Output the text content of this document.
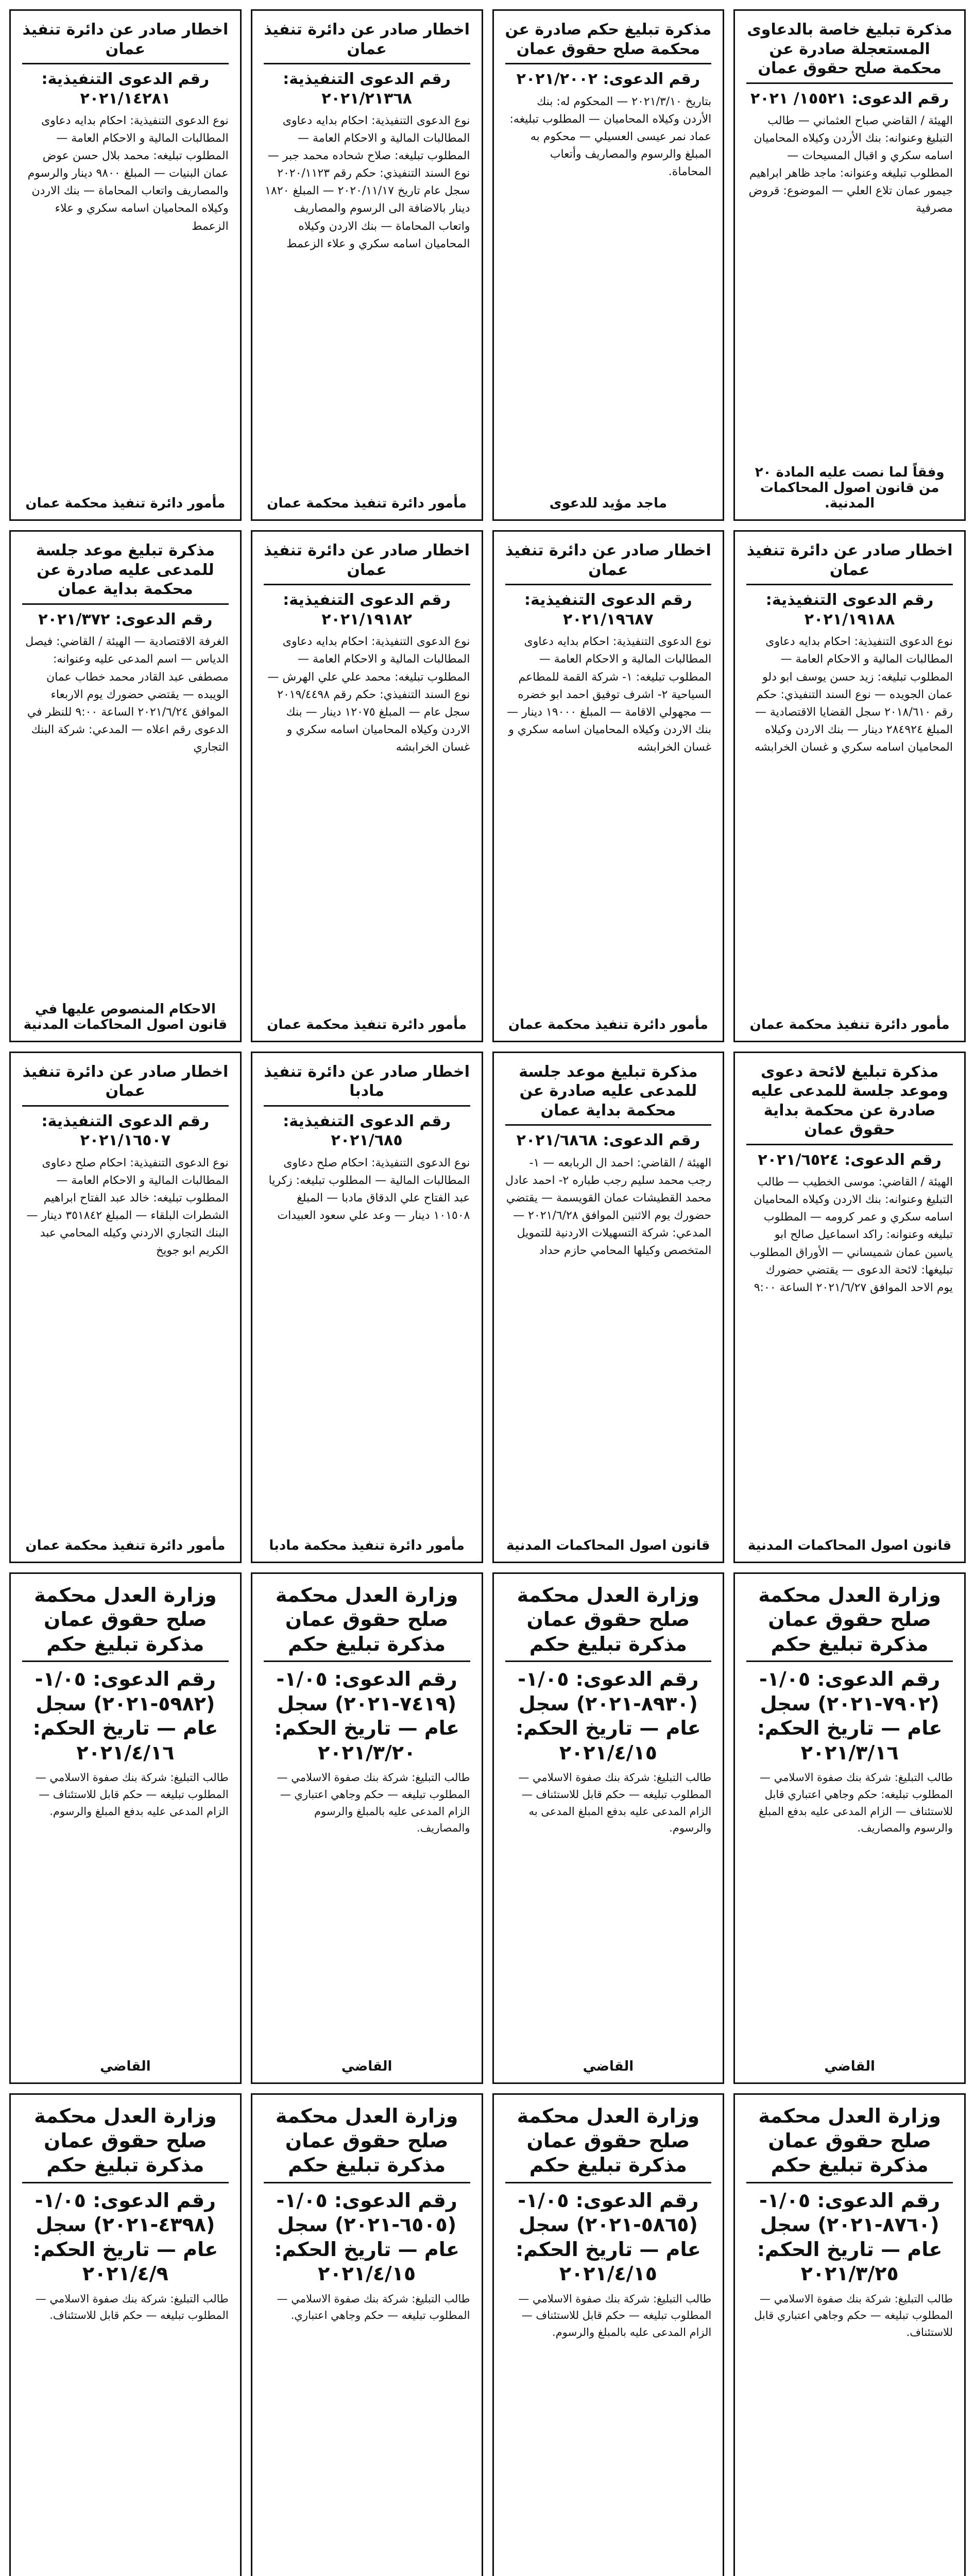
مذكرة تبليغ خاصة بالدعاوى المستعجلة صادرة عن محكمة صلح حقوق عمان
رقم الدعوى: ١٥٥٢١/ ٢٠٢١
الهيئة / القاضي صباح العثماني — طالب التبليغ وعنوانه: بنك الأردن وكيلاه المحاميان اسامه سكري و اقبال المسيحات — المطلوب تبليغه وعنوانه: ماجد ظاهر ابراهيم جيمور عمان تلاع العلي — الموضوع: قروض مصرفية
وفقاً لما نصت عليه المادة ٢٠ من قانون اصول المحاكمات المدنية.
مذكرة تبليغ حكم صادرة عن محكمة صلح حقوق عمان
رقم الدعوى: ٢٠٢١/٢٠٠٢
بتاريخ ٢٠٢١/٣/١٠ — المحكوم له: بنك الأردن وكيلاه المحاميان — المطلوب تبليغه: عماد نمر عيسى العسيلي — محكوم به المبلغ والرسوم والمصاريف وأتعاب المحاماة.
ماجد مؤيد للدعوى
اخطار صادر عن دائرة تنفيذ عمان
رقم الدعوى التنفيذية: ٢٠٢١/٢١٣٦٨
نوع الدعوى التنفيذية: احكام بدايه دعاوى المطالبات المالية و الاحكام العامة — المطلوب تبليغه: صلاح شحاده محمد جبر — نوع السند التنفيذي: حكم رقم ٢٠٢٠/١١٢٣ سجل عام تاريخ ٢٠٢٠/١١/١٧ — المبلغ ١٨٢٠ دينار بالاضافة الى الرسوم والمصاريف واتعاب المحاماة — بنك الاردن وكيلاه المحاميان اسامه سكري و علاء الزعمط
مأمور دائرة تنفيذ محكمة عمان
اخطار صادر عن دائرة تنفيذ عمان
رقم الدعوى التنفيذية: ٢٠٢١/١٤٢٨١
نوع الدعوى التنفيذية: احكام بدايه دعاوى المطالبات المالية و الاحكام العامة — المطلوب تبليغه: محمد بلال حسن عوض عمان البنيات — المبلغ ٩٨٠٠ دينار والرسوم والمصاريف واتعاب المحاماة — بنك الاردن وكيلاه المحاميان اسامه سكري و علاء الزعمط
مأمور دائرة تنفيذ محكمة عمان
اخطار صادر عن دائرة تنفيذ عمان
رقم الدعوى التنفيذية: ٢٠٢١/١٩١٨٨
نوع الدعوى التنفيذية: احكام بدايه دعاوى المطالبات المالية و الاحكام العامة — المطلوب تبليغه: زيد حسن يوسف ابو دلو عمان الجويده — نوع السند التنفيذي: حكم رقم ٢٠١٨/٦١٠ سجل القضايا الاقتصادية — المبلغ ٢٨٤٩٢٤ دينار — بنك الاردن وكيلاه المحاميان اسامه سكري و غسان الخرابشه
مأمور دائرة تنفيذ محكمة عمان
اخطار صادر عن دائرة تنفيذ عمان
رقم الدعوى التنفيذية: ٢٠٢١/١٩٦٨٧
نوع الدعوى التنفيذية: احكام بدايه دعاوى المطالبات المالية و الاحكام العامة — المطلوب تبليغه: ١- شركة القمة للمطاعم السياحية ٢- اشرف توفيق احمد ابو خضره — مجهولي الاقامة — المبلغ ١٩٠٠٠ دينار — بنك الاردن وكيلاه المحاميان اسامه سكري و غسان الخرابشه
مأمور دائرة تنفيذ محكمة عمان
اخطار صادر عن دائرة تنفيذ عمان
رقم الدعوى التنفيذية: ٢٠٢١/١٩١٨٢
نوع الدعوى التنفيذية: احكام بدايه دعاوى المطالبات المالية و الاحكام العامة — المطلوب تبليغه: محمد علي علي الهرش — نوع السند التنفيذي: حكم رقم ٢٠١٩/٤٤٩٨ سجل عام — المبلغ ١٢٠٧٥ دينار — بنك الاردن وكيلاه المحاميان اسامه سكري و غسان الخرابشه
مأمور دائرة تنفيذ محكمة عمان
مذكرة تبليغ موعد جلسة للمدعى عليه صادرة عن محكمة بداية عمان
رقم الدعوى: ٢٠٢١/٣٧٢
الغرفة الاقتصادية — الهيئة / القاضي: فيصل الدياس — اسم المدعى عليه وعنوانه: مصطفى عبد القادر محمد خطاب عمان الويبده — يقتضي حضورك يوم الاربعاء الموافق ٢٠٢١/٦/٢٤ الساعة ٩:٠٠ للنظر في الدعوى رقم اعلاه — المدعي: شركة البنك التجاري
الاحكام المنصوص عليها في قانون اصول المحاكمات المدنية
مذكرة تبليغ لائحة دعوى وموعد جلسة للمدعى عليه صادرة عن محكمة بداية حقوق عمان
رقم الدعوى: ٢٠٢١/٦٥٢٤
الهيئة / القاضي: موسى الخطيب — طالب التبليغ وعنوانه: بنك الاردن وكيلاه المحاميان اسامه سكري و عمر كرومه — المطلوب تبليغه وعنوانه: راكد اسماعيل صالح ابو ياسين عمان شميساني — الأوراق المطلوب تبليغها: لائحة الدعوى — يقتضي حضورك يوم الاحد الموافق ٢٠٢١/٦/٢٧ الساعة ٩:٠٠
قانون اصول المحاكمات المدنية
مذكرة تبليغ موعد جلسة للمدعى عليه صادرة عن محكمة بداية عمان
رقم الدعوى: ٢٠٢١/٦٨٦٨
الهيئة / القاضي: احمد ال الربابعه — ١- رجب محمد سليم رجب طباره ٢- احمد عادل محمد القطيشات عمان القويسمة — يقتضي حضورك يوم الاثنين الموافق ٢٠٢١/٦/٢٨ — المدعي: شركة التسهيلات الاردنية للتمويل المتخصص وكيلها المحامي حازم حداد
قانون اصول المحاكمات المدنية
اخطار صادر عن دائرة تنفيذ مادبا
رقم الدعوى التنفيذية: ٢٠٢١/٦٨٥
نوع الدعوى التنفيذية: احكام صلح دعاوى المطالبات المالية — المطلوب تبليغه: زكريا عبد الفتاح علي الدقاق مادبا — المبلغ ١٠١٥٠٨ دينار — وعد علي سعود العبيدات
مأمور دائرة تنفيذ محكمة مادبا
اخطار صادر عن دائرة تنفيذ عمان
رقم الدعوى التنفيذية: ٢٠٢١/١٦٥٠٧
نوع الدعوى التنفيذية: احكام صلح دعاوى المطالبات المالية و الاحكام العامة — المطلوب تبليغه: خالد عبد الفتاح ابراهيم الشطرات البلقاء — المبلغ ٣٥١٨٤٢ دينار — البنك التجاري الاردني وكيله المحامي عبد الكريم ابو جويخ
مأمور دائرة تنفيذ محكمة عمان
وزارة العدل محكمة صلح حقوق عمان مذكرة تبليغ حكم
رقم الدعوى: ١/٠٥-(٧٩٠٢-٢٠٢١) سجل عام — تاريخ الحكم: ٢٠٢١/٣/١٦
طالب التبليغ: شركة بنك صفوة الاسلامي — المطلوب تبليغه: حكم وجاهي اعتباري قابل للاستئناف — الزام المدعى عليه بدفع المبلغ والرسوم والمصاريف.
القاضي
وزارة العدل محكمة صلح حقوق عمان مذكرة تبليغ حكم
رقم الدعوى: ١/٠٥-(٨٩٣٠-٢٠٢١) سجل عام — تاريخ الحكم: ٢٠٢١/٤/١٥
طالب التبليغ: شركة بنك صفوة الاسلامي — المطلوب تبليغه — حكم قابل للاستئناف — الزام المدعى عليه بدفع المبلغ المدعى به والرسوم.
القاضي
وزارة العدل محكمة صلح حقوق عمان مذكرة تبليغ حكم
رقم الدعوى: ١/٠٥-(٧٤١٩-٢٠٢١) سجل عام — تاريخ الحكم: ٢٠٢١/٣/٢٠
طالب التبليغ: شركة بنك صفوة الاسلامي — المطلوب تبليغه — حكم وجاهي اعتباري — الزام المدعى عليه بالمبلغ والرسوم والمصاريف.
القاضي
وزارة العدل محكمة صلح حقوق عمان مذكرة تبليغ حكم
رقم الدعوى: ١/٠٥-(٥٩٨٢-٢٠٢١) سجل عام — تاريخ الحكم: ٢٠٢١/٤/١٦
طالب التبليغ: شركة بنك صفوة الاسلامي — المطلوب تبليغه — حكم قابل للاستئناف — الزام المدعى عليه بدفع المبلغ والرسوم.
القاضي
وزارة العدل محكمة صلح حقوق عمان مذكرة تبليغ حكم
رقم الدعوى: ١/٠٥-(٨٧٦٠-٢٠٢١) سجل عام — تاريخ الحكم: ٢٠٢١/٣/٢٥
طالب التبليغ: شركة بنك صفوة الاسلامي — المطلوب تبليغه — حكم وجاهي اعتباري قابل للاستئناف.
وزارة العدل محكمة صلح حقوق عمان مذكرة تبليغ حكم
رقم الدعوى: ١/٠٥-(٥٨٦٥-٢٠٢١) سجل عام — تاريخ الحكم: ٢٠٢١/٤/١٥
طالب التبليغ: شركة بنك صفوة الاسلامي — المطلوب تبليغه — حكم قابل للاستئناف — الزام المدعى عليه بالمبلغ والرسوم.
وزارة العدل محكمة صلح حقوق عمان مذكرة تبليغ حكم
رقم الدعوى: ١/٠٥-(٦٥٠٥-٢٠٢١) سجل عام — تاريخ الحكم: ٢٠٢١/٤/١٥
طالب التبليغ: شركة بنك صفوة الاسلامي — المطلوب تبليغه — حكم وجاهي اعتباري.
وزارة العدل محكمة صلح حقوق عمان مذكرة تبليغ حكم
رقم الدعوى: ١/٠٥-(٤٣٩٨-٢٠٢١) سجل عام — تاريخ الحكم: ٢٠٢١/٤/٩
طالب التبليغ: شركة بنك صفوة الاسلامي — المطلوب تبليغه — حكم قابل للاستئناف.
